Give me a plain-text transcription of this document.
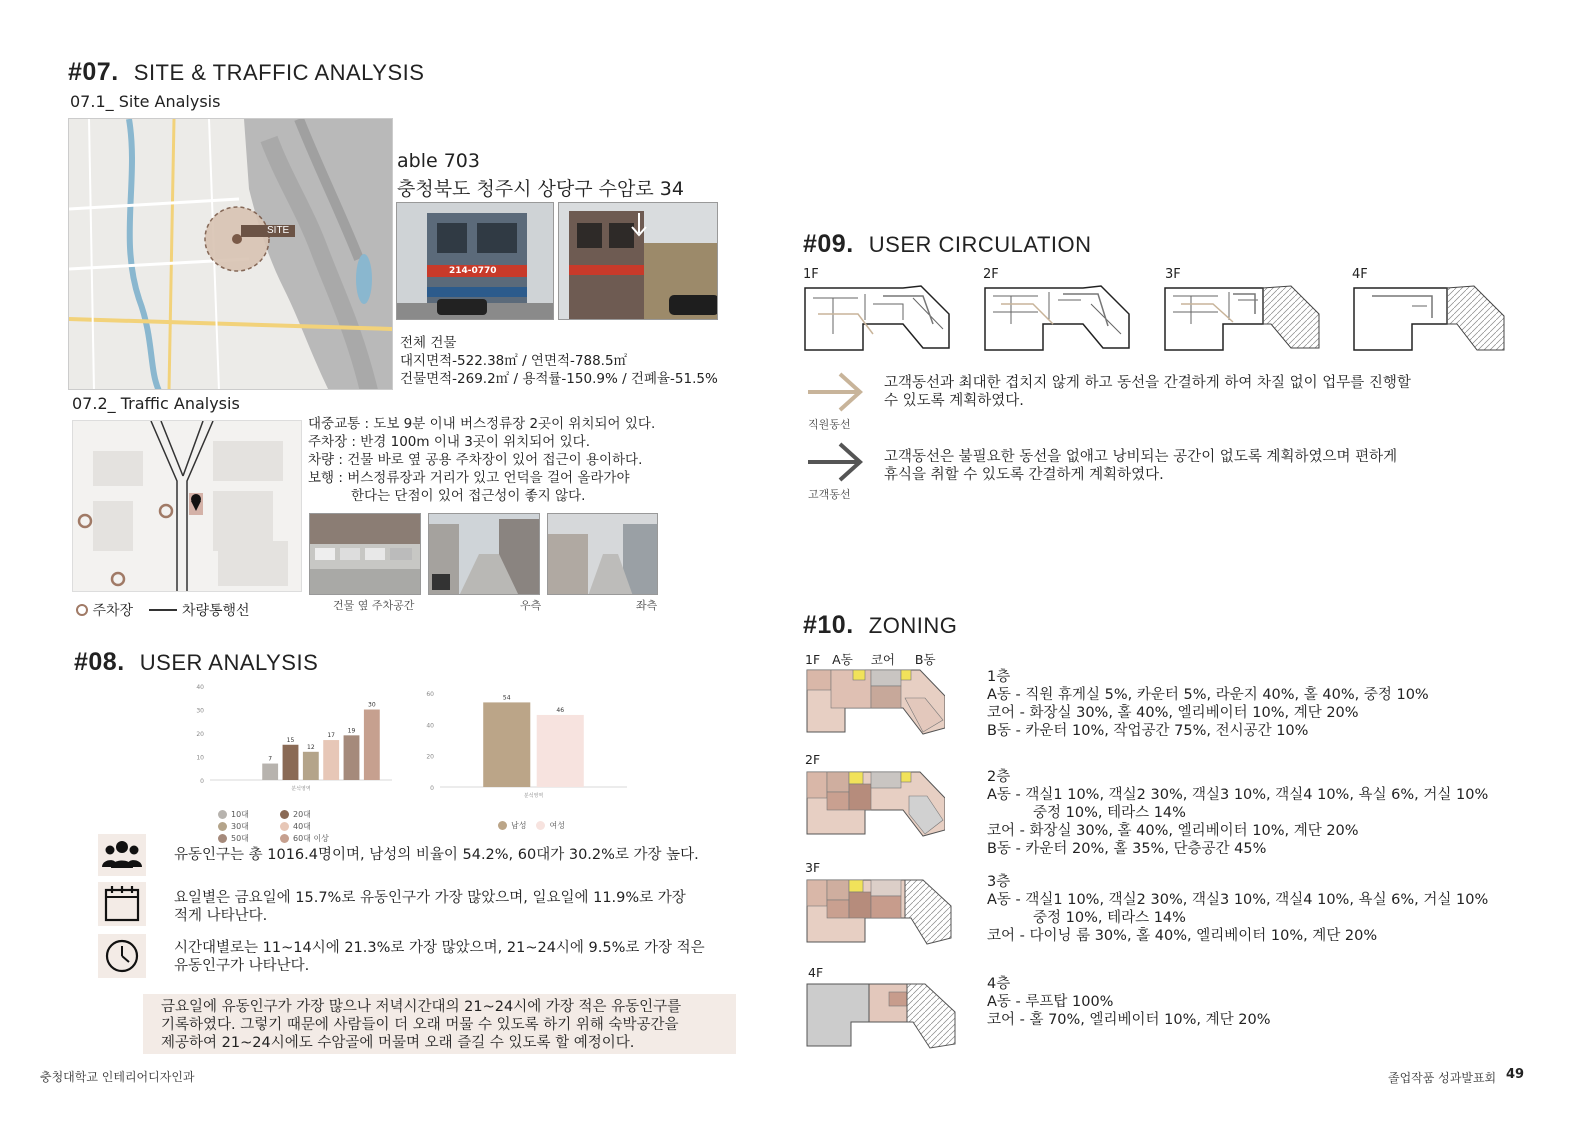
#07. SITE & TRAFFIC ANALYSIS
07.1_ Site Analysis
SITE
able 703
충청북도 청주시 상당구 수암로 34
214-0770
전체 건물
대지면적-522.38㎡ / 연면적-788.5㎡
건물면적-269.2㎡ / 용적률-150.9% / 건폐율-51.5%
07.2_ Traffic Analysis
주차장	차량통행선
대중교통 : 도보 9분 이내 버스정류장 2곳이 위치되어 있다.
주차장 : 반경 100m 이내 3곳이 위치되어 있다.
차량 : 건물 바로 옆 공용 주차장이 있어 접근이 용이하다.
보행 : 버스정류장과 거리가 있고 언덕을 걸어 올라가야
한다는 단점이 있어 접근성이 좋지 않다.
건물 옆 주차공간	우측	좌측
#08. USER ANALYSIS
0
10
20
30
40
7
15
12
17
19
30
분석영역
10대	20대
30대	40대
50대	60대 이상
0
20
40
60	54
46
분석영역
남성	여성
유동인구는 총 1016.4명이며, 남성의 비율이 54.2%, 60대가 30.2%로 가장 높다.
요일별은 금요일에 15.7%로 유동인구가 가장 많았으며, 일요일에 11.9%로 가장
적게 나타난다.
시간대별로는 11~14시에 21.3%로 가장 많았으며, 21~24시에 9.5%로 가장 적은
유동인구가 나타난다.
금요일에 유동인구가 가장 많으나 저녁시간대의 21~24시에 가장 적은 유동인구를
기록하였다. 그렇기 때문에 사람들이 더 오래 머물 수 있도록 하기 위해 숙박공간을
제공하여 21~24시에도 수암골에 머물며 오래 즐길 수 있도록 할 예정이다.
#09. USER CIRCULATION
1F	2F	3F	4F
직원동선
고객동선과 최대한 겹치지 않게 하고 동선을 간결하게 하여 차질 없이 업무를 진행할
수 있도록 계획하였다.
고객동선
고객동선은 불필요한 동선을 없애고 낭비되는 공간이 없도록 계획하였으며 편하게
휴식을 취할 수 있도록 간결하게 계획하였다.
#10. ZONING
1F A동 코어 B동
2F
3F
4F
1층
A동 - 직원 휴게실 5%, 카운터 5%, 라운지 40%, 홀 40%, 중정 10%
코어 - 화장실 30%, 홀 40%, 엘리베이터 10%, 계단 20%
B동 - 카운터 10%, 작업공간 75%, 전시공간 10%
2층
A동 - 객실1 10%, 객실2 30%, 객실3 10%, 객실4 10%, 욕실 6%, 거실 10%
중정 10%, 테라스 14%
코어 - 화장실 30%, 홀 40%, 엘리베이터 10%, 계단 20%
B동 - 카운터 20%, 홀 35%, 단층공간 45%
3층
A동 - 객실1 10%, 객실2 30%, 객실3 10%, 객실4 10%, 욕실 6%, 거실 10%
중정 10%, 테라스 14%
코어 - 다이닝 룸 30%, 홀 40%, 엘리베이터 10%, 계단 20%
4층
A동 - 루프탑 100%
코어 - 홀 70%, 엘리베이터 10%, 계단 20%
충청대학교 인테리어디자인과	졸업작품 성과발표회 49
